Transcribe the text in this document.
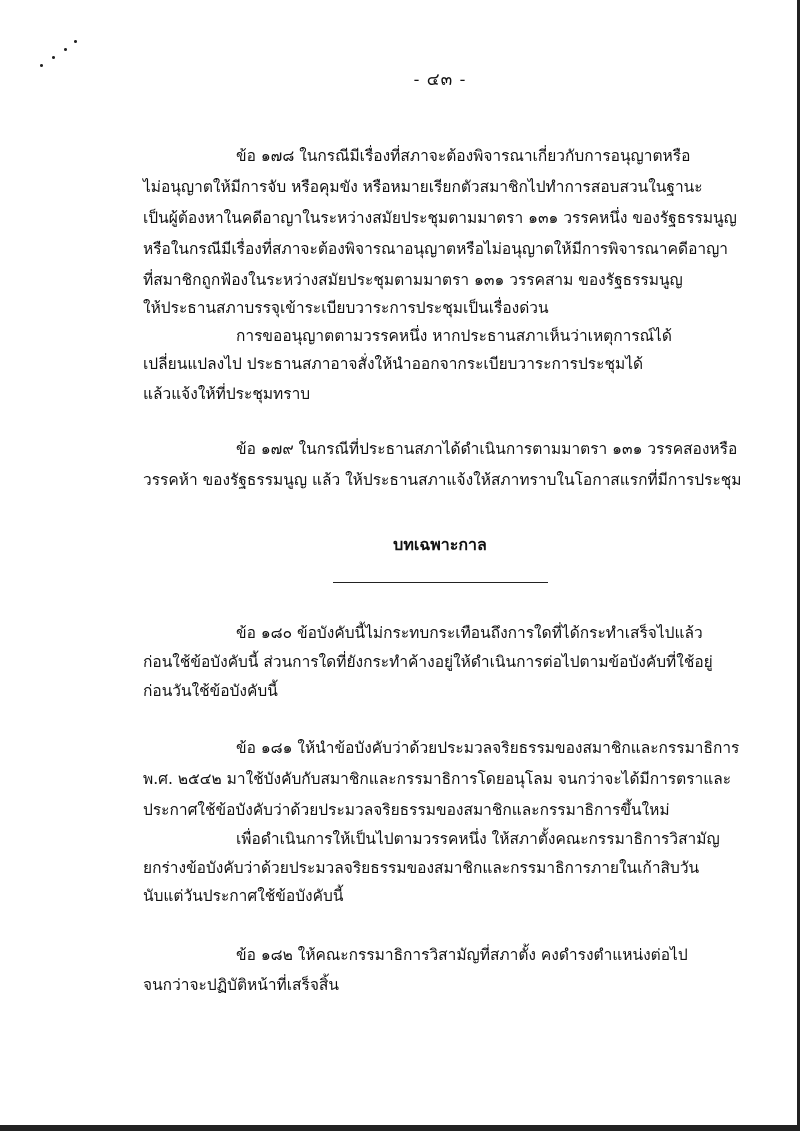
- ๔๓ -
ข้อ ๑๗๘ ในกรณีมีเรื่องที่สภาจะต้องพิจารณาเกี่ยวกับการอนุญาตหรือ
ไม่อนุญาตให้มีการจับ หรือคุมขัง หรือหมายเรียกตัวสมาชิกไปทำการสอบสวนในฐานะ
เป็นผู้ต้องหาในคดีอาญาในระหว่างสมัยประชุมตามมาตรา ๑๓๑ วรรคหนึ่ง ของรัฐธรรมนูญ
หรือในกรณีมีเรื่องที่สภาจะต้องพิจารณาอนุญาตหรือไม่อนุญาตให้มีการพิจารณาคดีอาญา
ที่สมาชิกถูกฟ้องในระหว่างสมัยประชุมตามมาตรา ๑๓๑ วรรคสาม ของรัฐธรรมนูญ
ให้ประธานสภาบรรจุเข้าระเบียบวาระการประชุมเป็นเรื่องด่วน
การขออนุญาตตามวรรคหนึ่ง หากประธานสภาเห็นว่าเหตุการณ์ได้
เปลี่ยนแปลงไป ประธานสภาอาจสั่งให้นำออกจากระเบียบวาระการประชุมได้
แล้วแจ้งให้ที่ประชุมทราบ
ข้อ ๑๗๙ ในกรณีที่ประธานสภาได้ดำเนินการตามมาตรา ๑๓๑ วรรคสองหรือ
วรรคห้า ของรัฐธรรมนูญ แล้ว ให้ประธานสภาแจ้งให้สภาทราบในโอกาสแรกที่มีการประชุม
บทเฉพาะกาล
ข้อ ๑๘๐ ข้อบังคับนี้ไม่กระทบกระเทือนถึงการใดที่ได้กระทำเสร็จไปแล้ว
ก่อนใช้ข้อบังคับนี้ ส่วนการใดที่ยังกระทำค้างอยู่ให้ดำเนินการต่อไปตามข้อบังคับที่ใช้อยู่
ก่อนวันใช้ข้อบังคับนี้
ข้อ ๑๘๑ ให้นำข้อบังคับว่าด้วยประมวลจริยธรรมของสมาชิกและกรรมาธิการ
พ.ศ. ๒๕๔๒ มาใช้บังคับกับสมาชิกและกรรมาธิการโดยอนุโลม จนกว่าจะได้มีการตราและ
ประกาศใช้ข้อบังคับว่าด้วยประมวลจริยธรรมของสมาชิกและกรรมาธิการขึ้นใหม่
เพื่อดำเนินการให้เป็นไปตามวรรคหนึ่ง ให้สภาตั้งคณะกรรมาธิการวิสามัญ
ยกร่างข้อบังคับว่าด้วยประมวลจริยธรรมของสมาชิกและกรรมาธิการภายในเก้าสิบวัน
นับแต่วันประกาศใช้ข้อบังคับนี้
ข้อ ๑๘๒ ให้คณะกรรมาธิการวิสามัญที่สภาตั้ง คงดำรงตำแหน่งต่อไป
จนกว่าจะปฏิบัติหน้าที่เสร็จสิ้น
